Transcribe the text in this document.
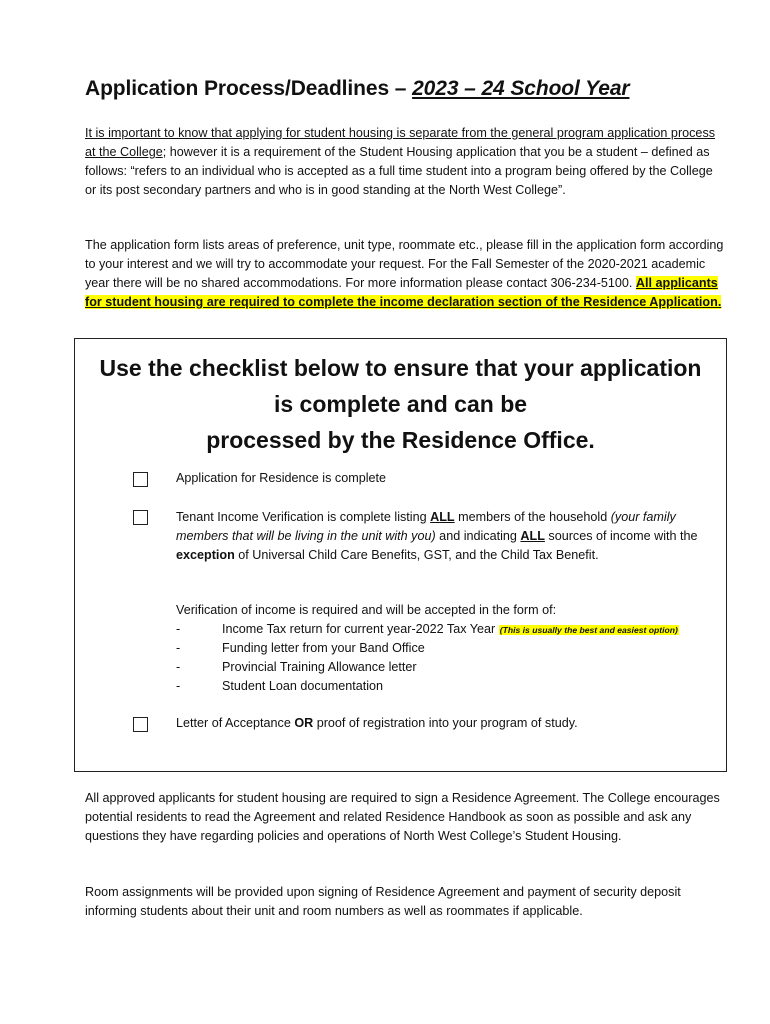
Application Process/Deadlines – 2023 – 24 School Year
It is important to know that applying for student housing is separate from the general program application process at the College; however it is a requirement of the Student Housing application that you be a student – defined as follows: “refers to an individual who is accepted as a full time student into a program being offered by the College or its post secondary partners and who is in good standing at the North West College”.
The application form lists areas of preference, unit type, roommate etc., please fill in the application form according to your interest and we will try to accommodate your request. For the Fall Semester of the 2020-2021 academic year there will be no shared accommodations. For more information please contact 306-234-5100. All applicants for student housing are required to complete the income declaration section of the Residence Application.
Use the checklist below to ensure that your application
is complete and can be
processed by the Residence Office.
Application for Residence is complete
Tenant Income Verification is complete listing ALL members of the household (your family members that will be living in the unit with you) and indicating ALL sources of income with the exception of Universal Child Care Benefits, GST, and the Child Tax Benefit.
Verification of income is required and will be accepted in the form of:
-	Income Tax return for current year-2022 Tax Year (This is usually the best and easiest option)
-	Funding letter from your Band Office
-	Provincial Training Allowance letter
-	Student Loan documentation
Letter of Acceptance OR proof of registration into your program of study.
All approved applicants for student housing are required to sign a Residence Agreement. The College encourages potential residents to read the Agreement and related Residence Handbook as soon as possible and ask any questions they have regarding policies and operations of North West College’s Student Housing.
Room assignments will be provided upon signing of Residence Agreement and payment of security deposit informing students about their unit and room numbers as well as roommates if applicable.
